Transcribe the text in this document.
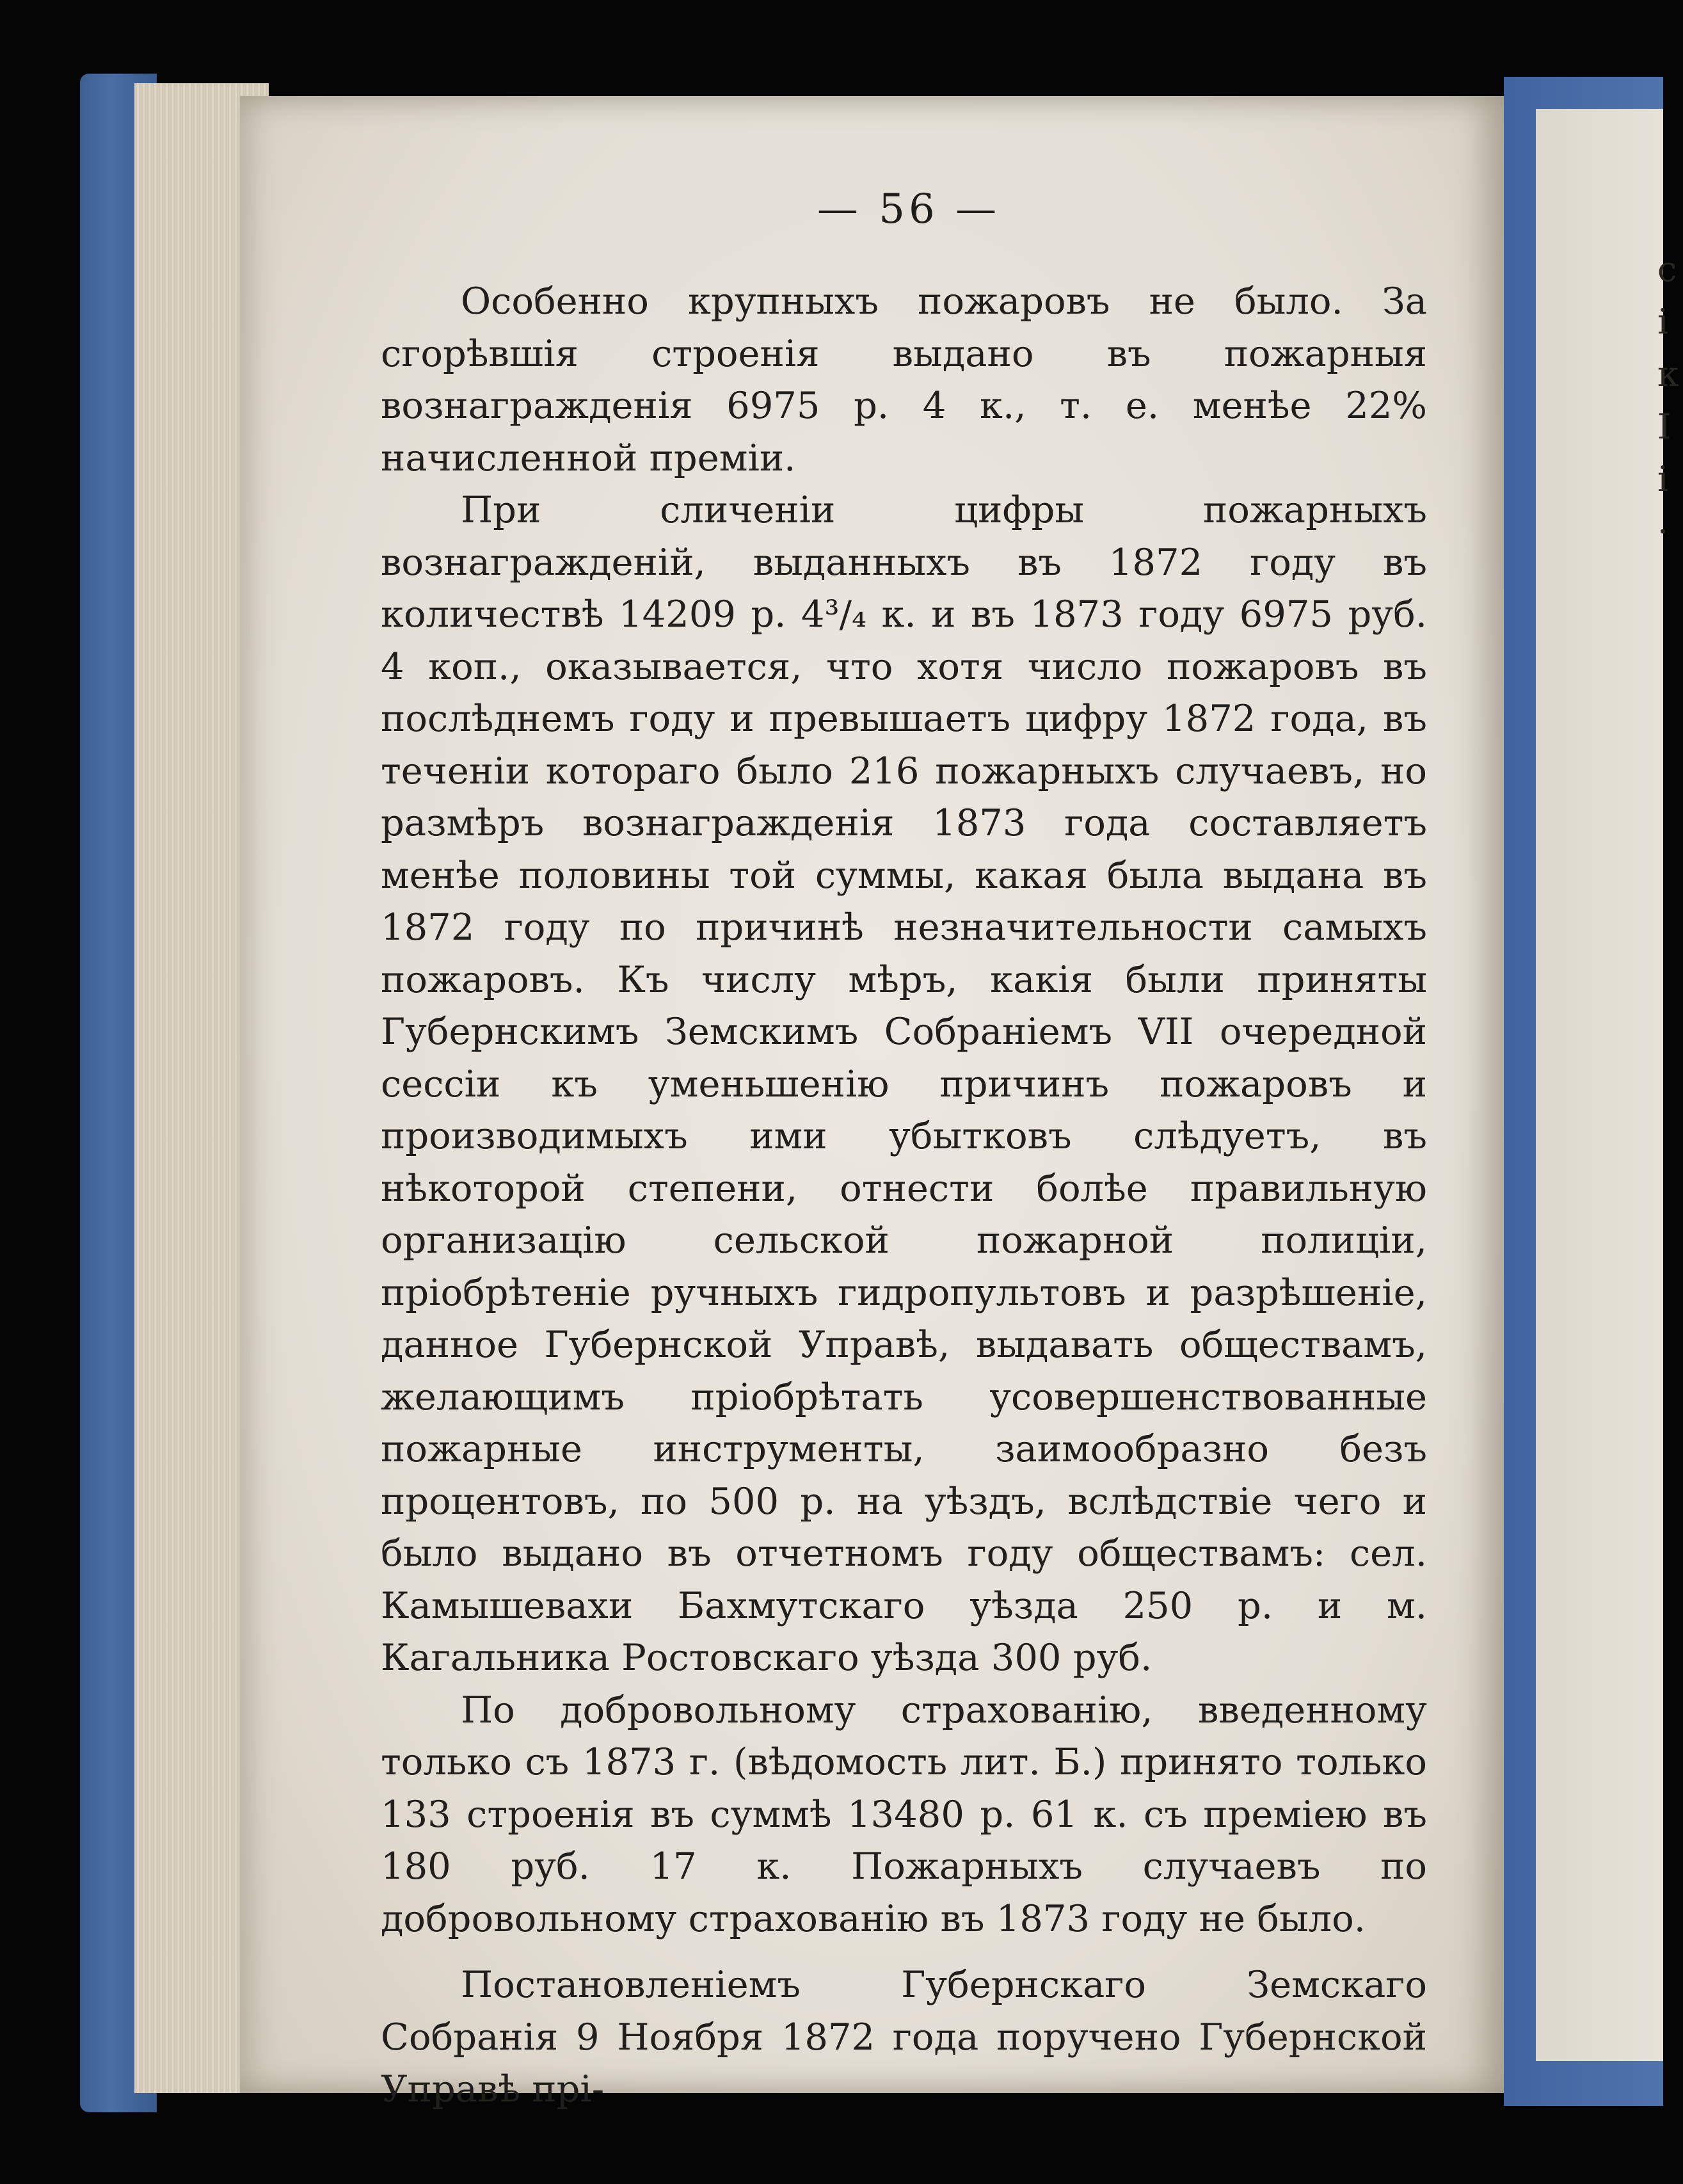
с
і
к
I
і
·
— 56 —

Особенно крупныхъ пожаровъ не было. За сгорѣвшія строенія выдано въ пожарныя вознагражденія 6975 р. 4 к., т. е. менѣе 22% начисленной премiи.

При сличенiи цифры пожарныхъ вознагражденiй, выданныхъ въ 1872 году въ количествѣ 14209 р. 4³/₄ к. и въ 1873 году 6975 руб. 4 коп., оказывается, что хотя число пожаровъ въ послѣднемъ году и превышаетъ цифру 1872 года, въ теченiи котораго было 216 пожарныхъ случаевъ, но размѣръ вознагражденiя 1873 года составляетъ менѣе половины той суммы, какая была выдана въ 1872 году по причинѣ незначительности самыхъ пожаровъ. Къ числу мѣръ, какiя были приняты Губернскимъ Земскимъ Собранiемъ VII очередной сессiи къ уменьшенiю причинъ пожаровъ и производимыхъ ими убытковъ слѣдуетъ, въ нѣкоторой степени, отнести болѣе правильную организацiю сельской пожарной полицiи, прiобрѣтенiе ручныхъ гидропультовъ и разрѣшенiе, данное Губернской Управѣ, выдавать обществамъ, желающимъ прiобрѣтать усовершенствованные пожарные инструменты, заимообразно безъ процентовъ, по 500 р. на уѣздъ, вслѣдствiе чего и было выдано въ отчетномъ году обществамъ: сел. Камышевахи Бахмутскаго уѣзда 250 р. и м. Кагальника Ростовскаго уѣзда 300 руб.

По добровольному страхованiю, введенному только съ 1873 г. (вѣдомость лит. Б.) принято только 133 строенiя въ суммѣ 13480 р. 61 к. съ премiею въ 180 руб. 17 к. Пожарныхъ случаевъ по добровольному страхованiю въ 1873 году не было.

Постановленiемъ Губернскаго Земскаго Собранiя 9 Ноября 1872 года поручено Губернской Управѣ прi-
